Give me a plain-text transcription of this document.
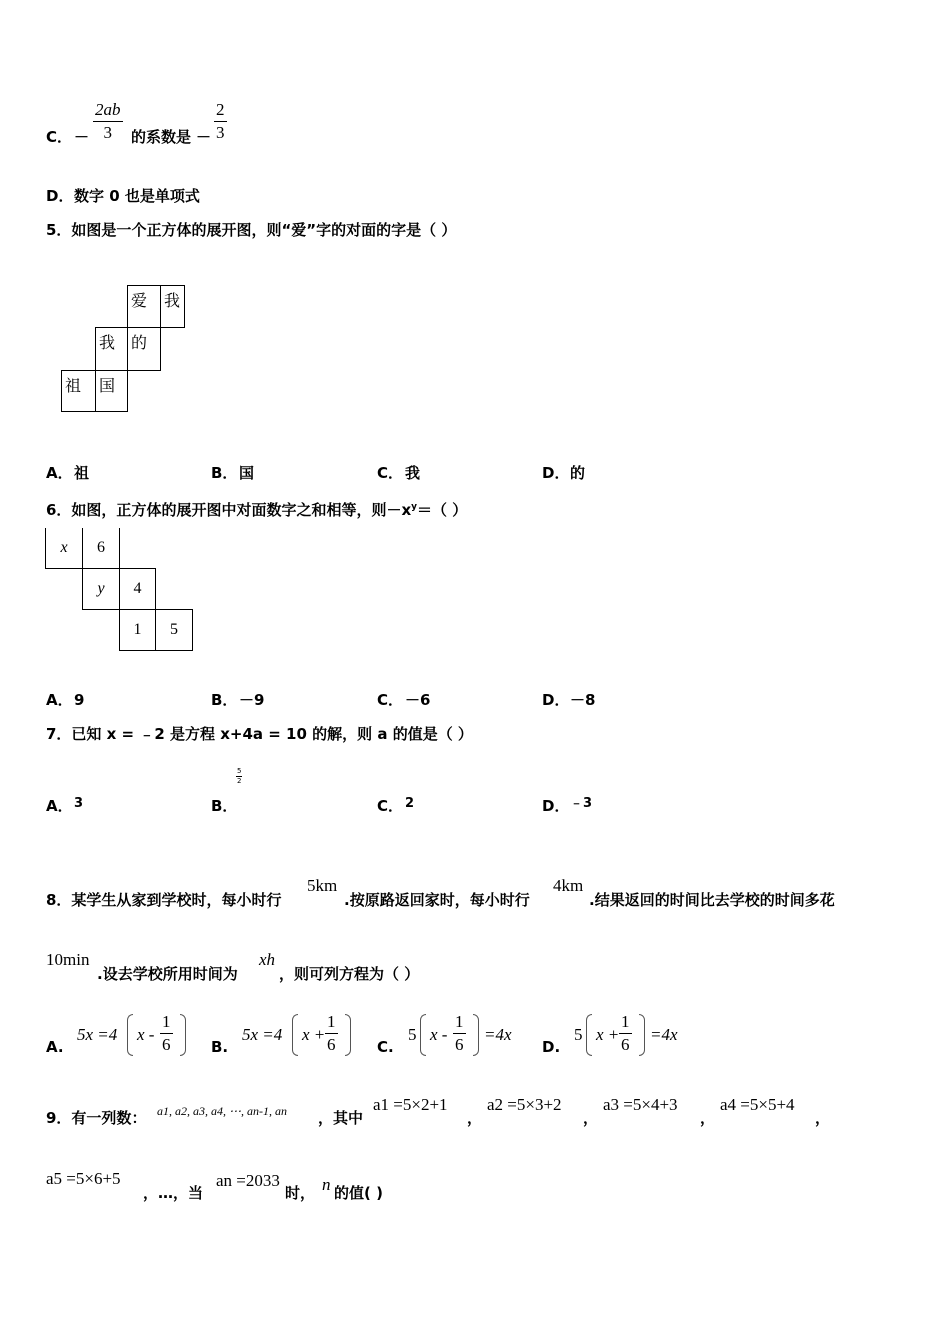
C． － $\frac{2ab}{3}$ 的系数是 － $\frac{2}{3}$
D． 数字 0 也是单项式
5．如图是一个正方体的展开图，则“爱”字的对面的字是（ ）
爱 我
我 的
祖 国
A． 祖	B． 国	C． 我	D． 的
6．如图，正方体的展开图中对面数字之和相等，则$-x^y=$（ ）
x	6
y	4
1	5
A． 9	B． －9	C． －6	D． －8
7．已知 x = ﹣2 是方程 x+4a = 10 的解，则 a 的值是（ ）
A． 3	B．
5
2
C． 2	D． ﹣3
8．某学生从家到学校时，每小时行
5km
.按原路返回家时，每小时行
4km
.结果返回的时间比去学校的时间多花
10min
.设去学校所用时间为
xh
，则可列方程为（ ）
A.
5x =4 x - $\frac{1}{6}$	B.
5x =4 $x + \frac{1}{6}$	C.
5 $x - \frac{1}{6} =4x$
D.
5 $x + \frac{1}{6} =4x$
9．有一列数： a1, a2, a3, a4, ⋯, an-1, an ，其中
a1 =5×2+1
，
a2 =5×3+2
，
a3 =5×4+3
，
a4 =5×5+4
，
a5 =5×6+5
，…，当
an =2033
时， n 的值( )
